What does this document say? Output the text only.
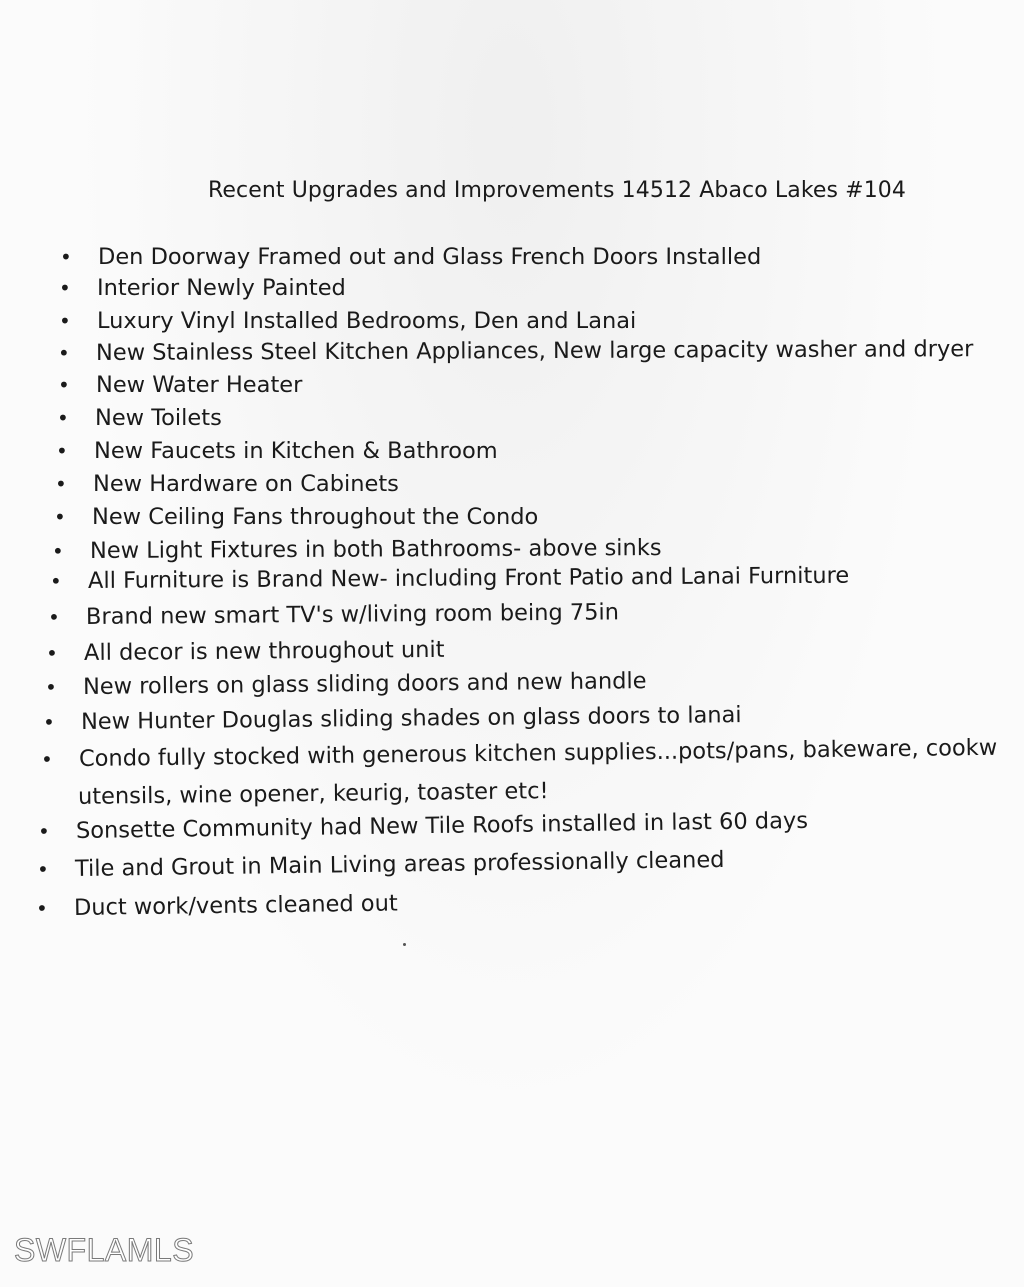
Recent Upgrades and Improvements 14512 Abaco Lakes #104
• Den Doorway Framed out and Glass French Doors Installed
• Interior Newly Painted
• Luxury Vinyl Installed Bedrooms, Den and Lanai
• New Stainless Steel Kitchen Appliances, New large capacity washer and dryer
• New Water Heater
• New Toilets
• New Faucets in Kitchen & Bathroom
• New Hardware on Cabinets
• New Ceiling Fans throughout the Condo
• New Light Fixtures in both Bathrooms- above sinks
• All Furniture is Brand New- including Front Patio and Lanai Furniture
• Brand new smart TV's w/living room being 75in
• All decor is new throughout unit
• New rollers on glass sliding doors and new handle
• New Hunter Douglas sliding shades on glass doors to lanai
• Condo fully stocked with generous kitchen supplies...pots/pans, bakeware, cookw
utensils, wine opener, keurig, toaster etc!
• Sonsette Community had New Tile Roofs installed in last 60 days
• Tile and Grout in Main Living areas professionally cleaned
• Duct work/vents cleaned out
SWFLAMLS
